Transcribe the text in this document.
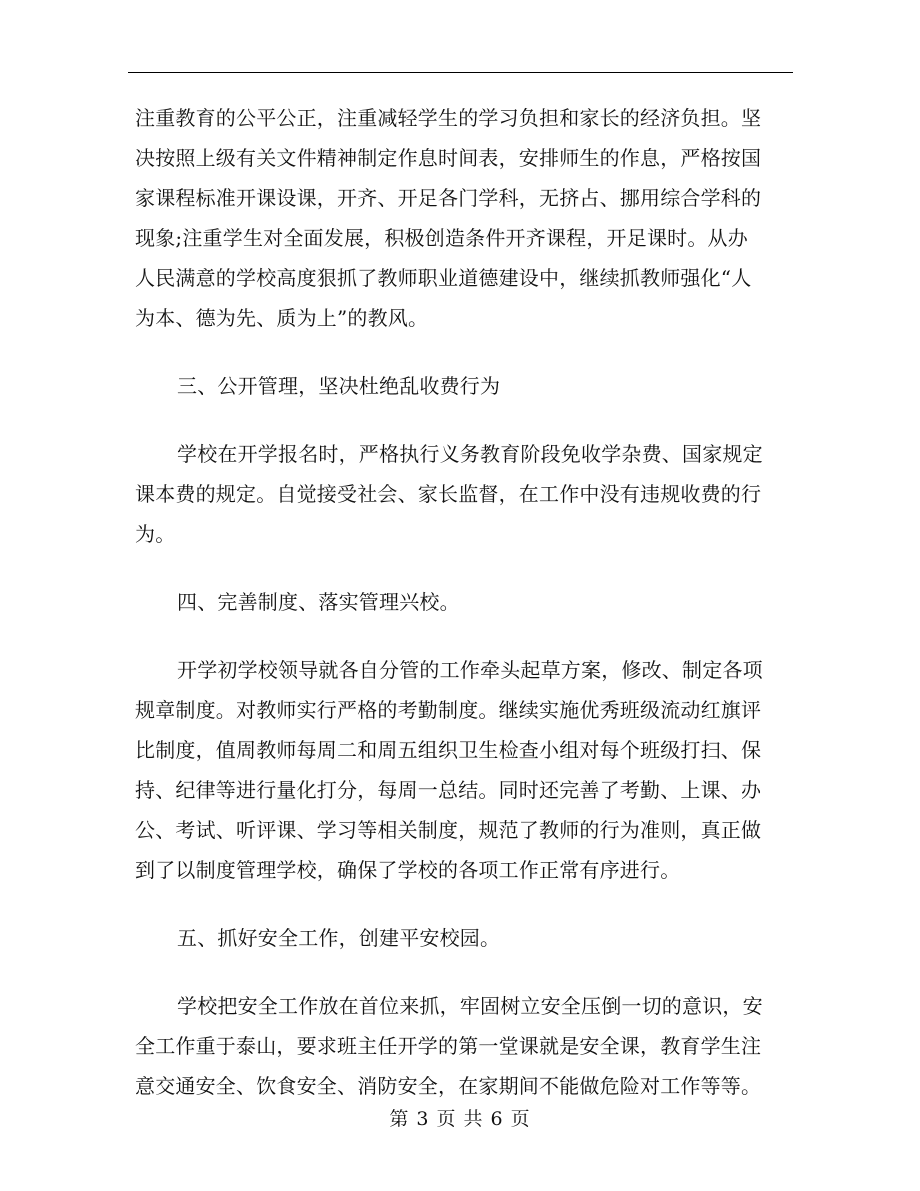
注重教育的公平公正，注重减轻学生的学习负担和家长的经济负担。坚
决按照上级有关文件精神制定作息时间表，安排师生的作息，严格按国
家课程标准开课设课，开齐、开足各门学科，无挤占、挪用综合学科的
现象;注重学生对全面发展，积极创造条件开齐课程，开足课时。从办
人民满意的学校高度狠抓了教师职业道德建设中，继续抓教师强化“人
为本、德为先、质为上”的教风。
三、公开管理，坚决杜绝乱收费行为
学校在开学报名时，严格执行义务教育阶段免收学杂费、国家规定
课本费的规定。自觉接受社会、家长监督，在工作中没有违规收费的行
为。
四、完善制度、落实管理兴校。
开学初学校领导就各自分管的工作牵头起草方案，修改、制定各项
规章制度。对教师实行严格的考勤制度。继续实施优秀班级流动红旗评
比制度，值周教师每周二和周五组织卫生检查小组对每个班级打扫、保
持、纪律等进行量化打分，每周一总结。同时还完善了考勤、上课、办
公、考试、听评课、学习等相关制度，规范了教师的行为准则，真正做
到了以制度管理学校，确保了学校的各项工作正常有序进行。
五、抓好安全工作，创建平安校园。
学校把安全工作放在首位来抓，牢固树立安全压倒一切的意识，安
全工作重于泰山，要求班主任开学的第一堂课就是安全课，教育学生注
意交通安全、饮食安全、消防安全，在家期间不能做危险对工作等等。
第 3 页 共 6 页
